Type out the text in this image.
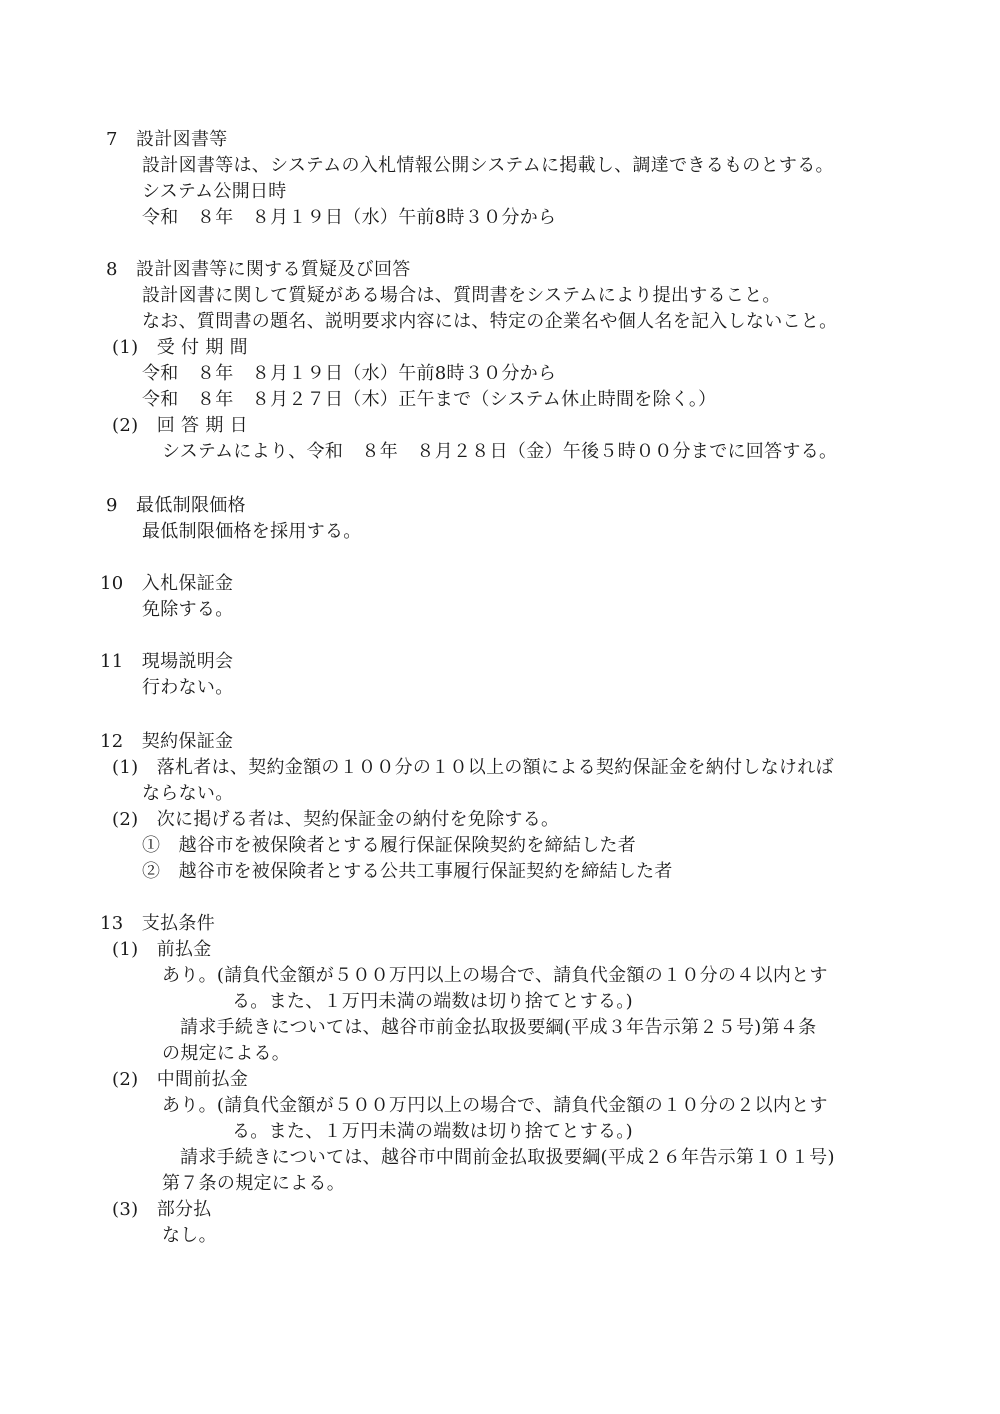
7　設計図書等
設計図書等は、システムの入札情報公開システムに掲載し、調達できるものとする。
システム公開日時
令和　８年　８月１９日（水）午前8時３０分から
8　設計図書等に関する質疑及び回答
設計図書に関して質疑がある場合は、質問書をシステムにより提出すること。
なお、質問書の題名、説明要求内容には、特定の企業名や個人名を記入しないこと。
(1)　受 付 期 間
令和　８年　８月１９日（水）午前8時３０分から
令和　８年　８月２７日（木）正午まで（システム休止時間を除く。）
(2)　回 答 期 日
システムにより、令和　８年　８月２８日（金）午後５時００分までに回答する。
9　最低制限価格
最低制限価格を採用する。
10　入札保証金
免除する。
11　現場説明会
行わない。
12　契約保証金
(1)　落札者は、契約金額の１００分の１０以上の額による契約保証金を納付しなければ
ならない。
(2)　次に掲げる者は、契約保証金の納付を免除する。
①　越谷市を被保険者とする履行保証保険契約を締結した者
②　越谷市を被保険者とする公共工事履行保証契約を締結した者
13　支払条件
(1)　前払金
あり。(請負代金額が５００万円以上の場合で、請負代金額の１０分の４以内とす
る。また、１万円未満の端数は切り捨てとする。)
請求手続きについては、越谷市前金払取扱要綱(平成３年告示第２５号)第４条
の規定による。
(2)　中間前払金
あり。(請負代金額が５００万円以上の場合で、請負代金額の１０分の２以内とす
る。また、１万円未満の端数は切り捨てとする。)
請求手続きについては、越谷市中間前金払取扱要綱(平成２６年告示第１０１号)
第７条の規定による。
(3)　部分払
なし。
